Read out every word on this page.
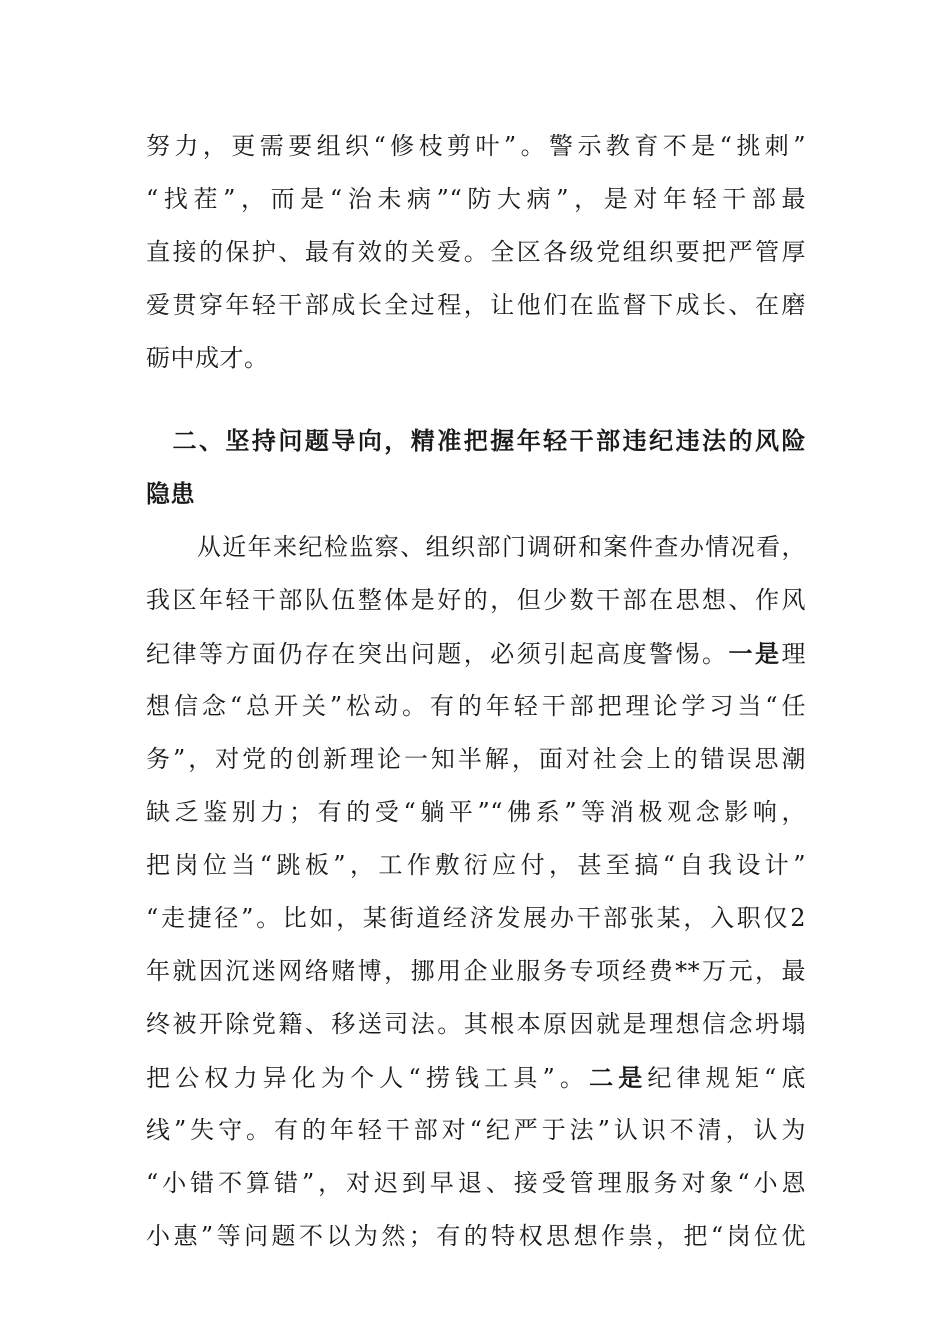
努力，更需要组织“修枝剪叶”。警示教育不是“挑刺”
“找茬”，而是“治未病”“防大病”，是对年轻干部最
直接的保护、最有效的关爱。全区各级党组织要把严管厚
爱贯穿年轻干部成长全过程，让他们在监督下成长、在磨
砺中成才。
　二、坚持问题导向，精准把握年轻干部违纪违法的风险
隐患
　　从近年来纪检监察、组织部门调研和案件查办情况看，
我区年轻干部队伍整体是好的，但少数干部在思想、作风
纪律等方面仍存在突出问题，必须引起高度警惕。一是理
想信念“总开关”松动。有的年轻干部把理论学习当“任
务”，对党的创新理论一知半解，面对社会上的错误思潮
缺乏鉴别力；有的受“躺平”“佛系”等消极观念影响，
把岗位当“跳板”，工作敷衍应付，甚至搞“自我设计”
“走捷径”。比如，某街道经济发展办干部张某，入职仅2
年就因沉迷网络赌博，挪用企业服务专项经费**万元，最
终被开除党籍、移送司法。其根本原因就是理想信念坍塌
把公权力异化为个人“捞钱工具”。二是纪律规矩“底
线”失守。有的年轻干部对“纪严于法”认识不清，认为
“小错不算错”，对迟到早退、接受管理服务对象“小恩
小惠”等问题不以为然；有的特权思想作祟，把“岗位优
